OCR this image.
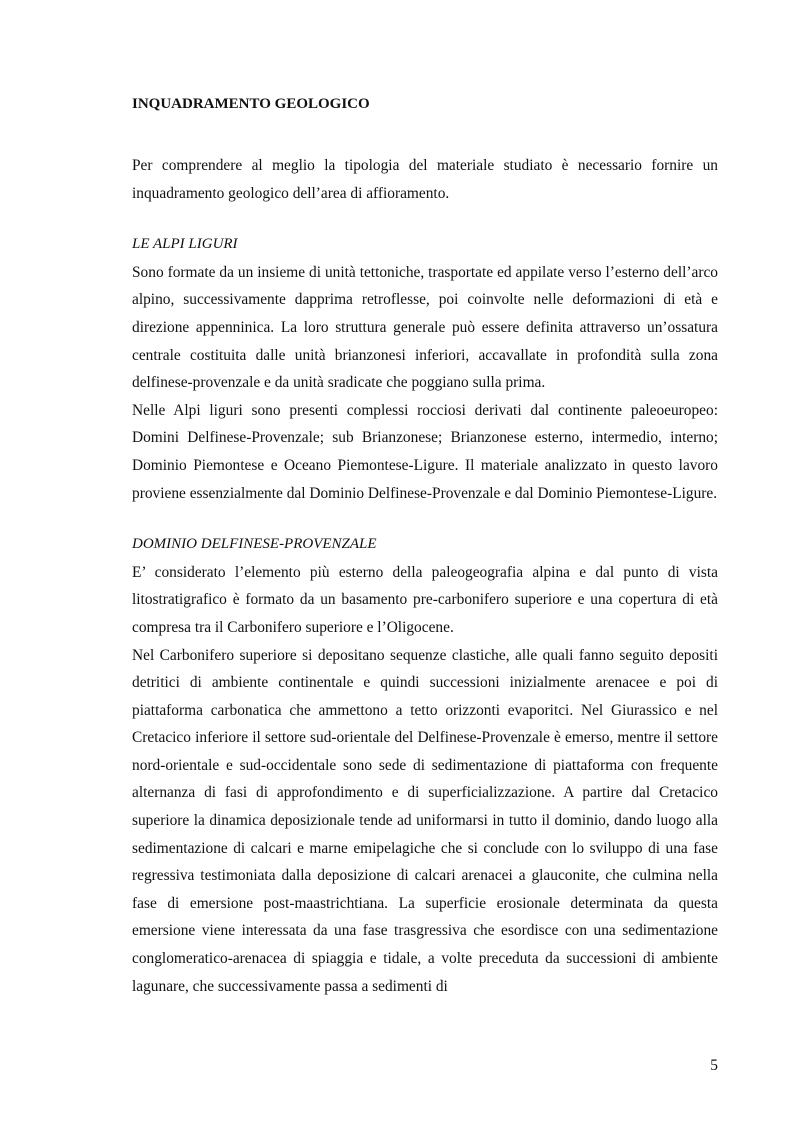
INQUADRAMENTO GEOLOGICO

Per comprendere al meglio la tipologia del materiale studiato è necessario fornire un inquadramento geologico dell’area di affioramento.

LE ALPI LIGURI

Sono formate da un insieme di unità tettoniche, trasportate ed appilate verso l’esterno dell’arco alpino, successivamente dapprima retroflesse, poi coinvolte nelle deformazioni di età e direzione appenninica. La loro struttura generale può essere definita attraverso un’ossatura centrale costituita dalle unità brianzonesi inferiori, accavallate in profondità sulla zona delfinese-provenzale e da unità sradicate che poggiano sulla prima.

Nelle Alpi liguri sono presenti complessi rocciosi derivati dal continente paleoeuropeo: Domini Delfinese-Provenzale; sub Brianzonese; Brianzonese esterno, intermedio, interno; Dominio Piemontese e Oceano Piemontese-Ligure. Il materiale analizzato in questo lavoro proviene essenzialmente dal Dominio Delfinese-Provenzale e dal Dominio Piemontese-Ligure.

DOMINIO DELFINESE-PROVENZALE

E’ considerato l’elemento più esterno della paleogeografia alpina e dal punto di vista litostratigrafico è formato da un basamento pre-carbonifero superiore e una copertura di età compresa tra il Carbonifero superiore e l’Oligocene.

Nel Carbonifero superiore si depositano sequenze clastiche, alle quali fanno seguito depositi detritici di ambiente continentale e quindi successioni inizialmente arenacee e poi di piattaforma carbonatica che ammettono a tetto orizzonti evaporitci. Nel Giurassico e nel Cretacico inferiore il settore sud-orientale del Delfinese-Provenzale è emerso, mentre il settore nord-orientale e sud-occidentale sono sede di sedimentazione di piattaforma con frequente alternanza di fasi di approfondimento e di superficializzazione. A partire dal Cretacico superiore la dinamica deposizionale tende ad uniformarsi in tutto il dominio, dando luogo alla sedimentazione di calcari e marne emipelagiche che si conclude con lo sviluppo di una fase regressiva testimoniata dalla deposizione di calcari arenacei a glauconite, che culmina nella fase di emersione post-maastrichtiana. La superficie erosionale determinata da questa emersione viene interessata da una fase trasgressiva che esordisce con una sedimentazione conglomeratico-arenacea di spiaggia e tidale, a volte preceduta da successioni di ambiente lagunare, che successivamente passa a sedimenti di

5
